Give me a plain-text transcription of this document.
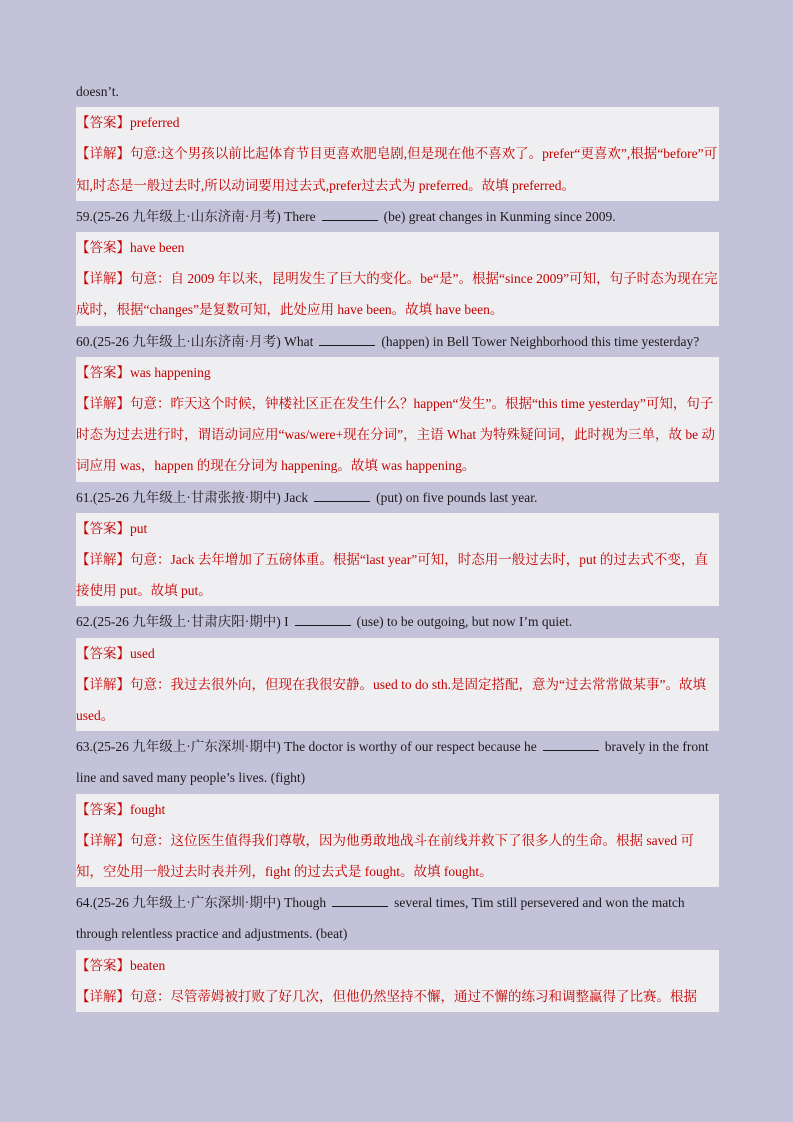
doesn’t.
【答案】preferred
【详解】句意:这个男孩以前比起体育节目更喜欢肥皂剧,但是现在他不喜欢了。prefer“更喜欢”,根据“before”可知,时态是一般过去时,所以动词要用过去式,prefer过去式为 preferred。故填 preferred。
59.(25-26 九年级上·山东济南·月考) There	(be) great changes in Kunming since 2009.
【答案】have been
【详解】句意：自 2009 年以来，昆明发生了巨大的变化。be“是”。根据“since 2009”可知，句子时态为现在完成时，根据“changes”是复数可知，此处应用 have been。故填 have been。
60.(25-26 九年级上·山东济南·月考) What	(happen) in Bell Tower Neighborhood this time yesterday?
【答案】was happening
【详解】句意：昨天这个时候，钟楼社区正在发生什么？happen“发生”。根据“this time yesterday”可知，句子时态为过去进行时，谓语动词应用“was/were+现在分词”，主语 What 为特殊疑问词，此时视为三单，故 be 动词应用 was，happen 的现在分词为 happening。故填 was happening。
61.(25-26 九年级上·甘肃张掖·期中) Jack	(put) on five pounds last year.
【答案】put
【详解】句意：Jack 去年增加了五磅体重。根据“last year”可知，时态用一般过去时，put 的过去式不变，直接使用 put。故填 put。
62.(25-26 九年级上·甘肃庆阳·期中) I	(use) to be outgoing, but now I’m quiet.
【答案】used
【详解】句意：我过去很外向，但现在我很安静。used to do sth.是固定搭配，意为“过去常常做某事”。故填 used。
63.(25-26 九年级上·广东深圳·期中) The doctor is worthy of our respect because he	bravely in the front line and saved many people’s lives. (fight)
【答案】fought
【详解】句意：这位医生值得我们尊敬，因为他勇敢地战斗在前线并救下了很多人的生命。根据 saved 可知，空处用一般过去时表并列，fight 的过去式是 fought。故填 fought。
64.(25-26 九年级上·广东深圳·期中) Though	several times, Tim still persevered and won the match through relentless practice and adjustments. (beat)
【答案】beaten
【详解】句意：尽管蒂姆被打败了好几次，但他仍然坚持不懈，通过不懈的练习和调整赢得了比赛。根据
